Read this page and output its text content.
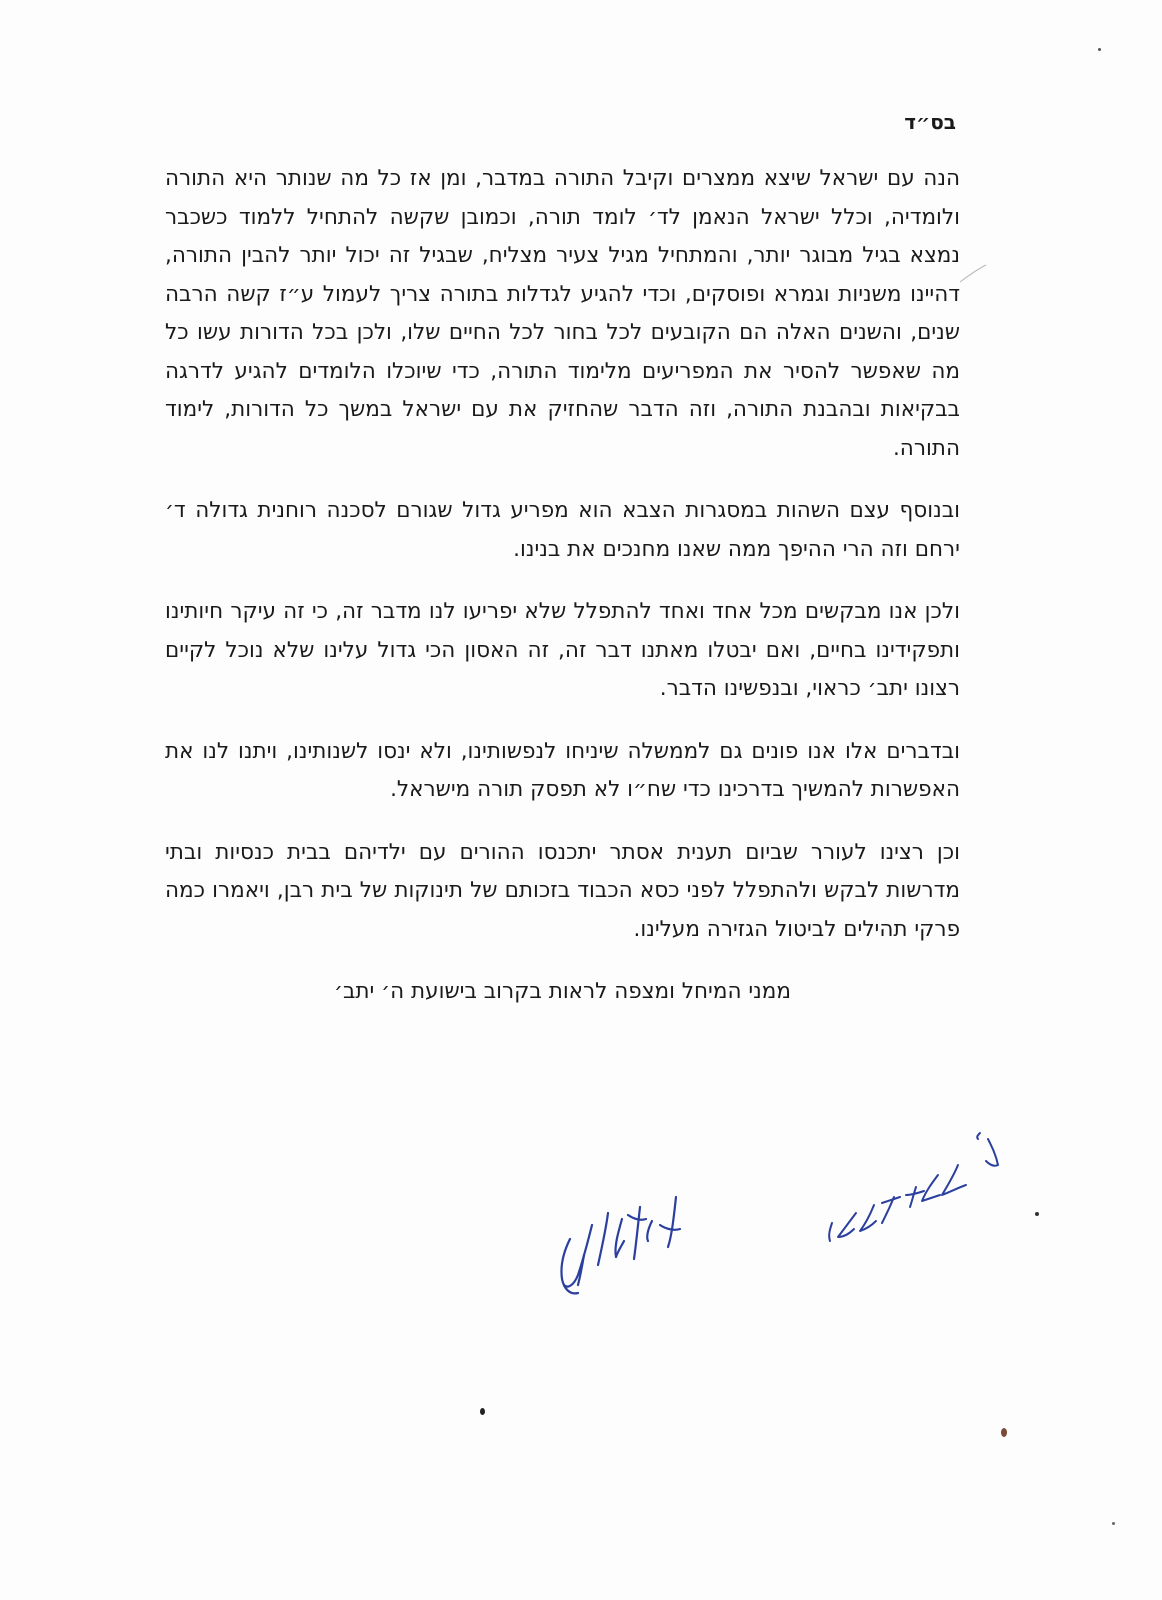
בס״ד

הנה עם ישראל שיצא ממצרים וקיבל התורה במדבר, ומן אז כל מה שנותר היא התורה ולומדיה, וכלל ישראל הנאמן לד׳ לומד תורה, וכמובן שקשה להתחיל ללמוד כשכבר נמצא בגיל מבוגר יותר, והמתחיל מגיל צעיר מצליח, שבגיל זה יכול יותר להבין התורה, דהיינו משניות וגמרא ופוסקים, וכדי להגיע לגדלות בתורה צריך לעמול ע״ז קשה הרבה שנים, והשנים האלה הם הקובעים לכל בחור לכל החיים שלו, ולכן בכל הדורות עשו כל מה שאפשר להסיר את המפריעים מלימוד התורה, כדי שיוכלו הלומדים להגיע לדרגה בבקיאות ובהבנת התורה, וזה הדבר שהחזיק את עם ישראל במשך כל הדורות, לימוד התורה.

ובנוסף עצם השהות במסגרות הצבא הוא מפריע גדול שגורם לסכנה רוחנית גדולה ד׳ ירחם וזה הרי ההיפך ממה שאנו מחנכים את בנינו.

ולכן אנו מבקשים מכל אחד ואחד להתפלל שלא יפריעו לנו מדבר זה, כי זה עיקר חיותינו ותפקידינו בחיים, ואם יבטלו מאתנו דבר זה, זה האסון הכי גדול עלינו שלא נוכל לקיים רצונו יתב׳ כראוי, ובנפשינו הדבר.

ובדברים אלו אנו פונים גם לממשלה שיניחו לנפשותינו, ולא ינסו לשנותינו, ויתנו לנו את האפשרות להמשיך בדרכינו כדי שח״ו לא תפסק תורה מישראל.

וכן רצינו לעורר שביום תענית אסתר יתכנסו ההורים עם ילדיהם בבית כנסיות ובתי מדרשות לבקש ולהתפלל לפני כסא הכבוד בזכותם של תינוקות של בית רבן, ויאמרו כמה פרקי תהילים לביטול הגזירה מעלינו.

ממני המיחל ומצפה לראות בקרוב בישועת ה׳ יתב׳
